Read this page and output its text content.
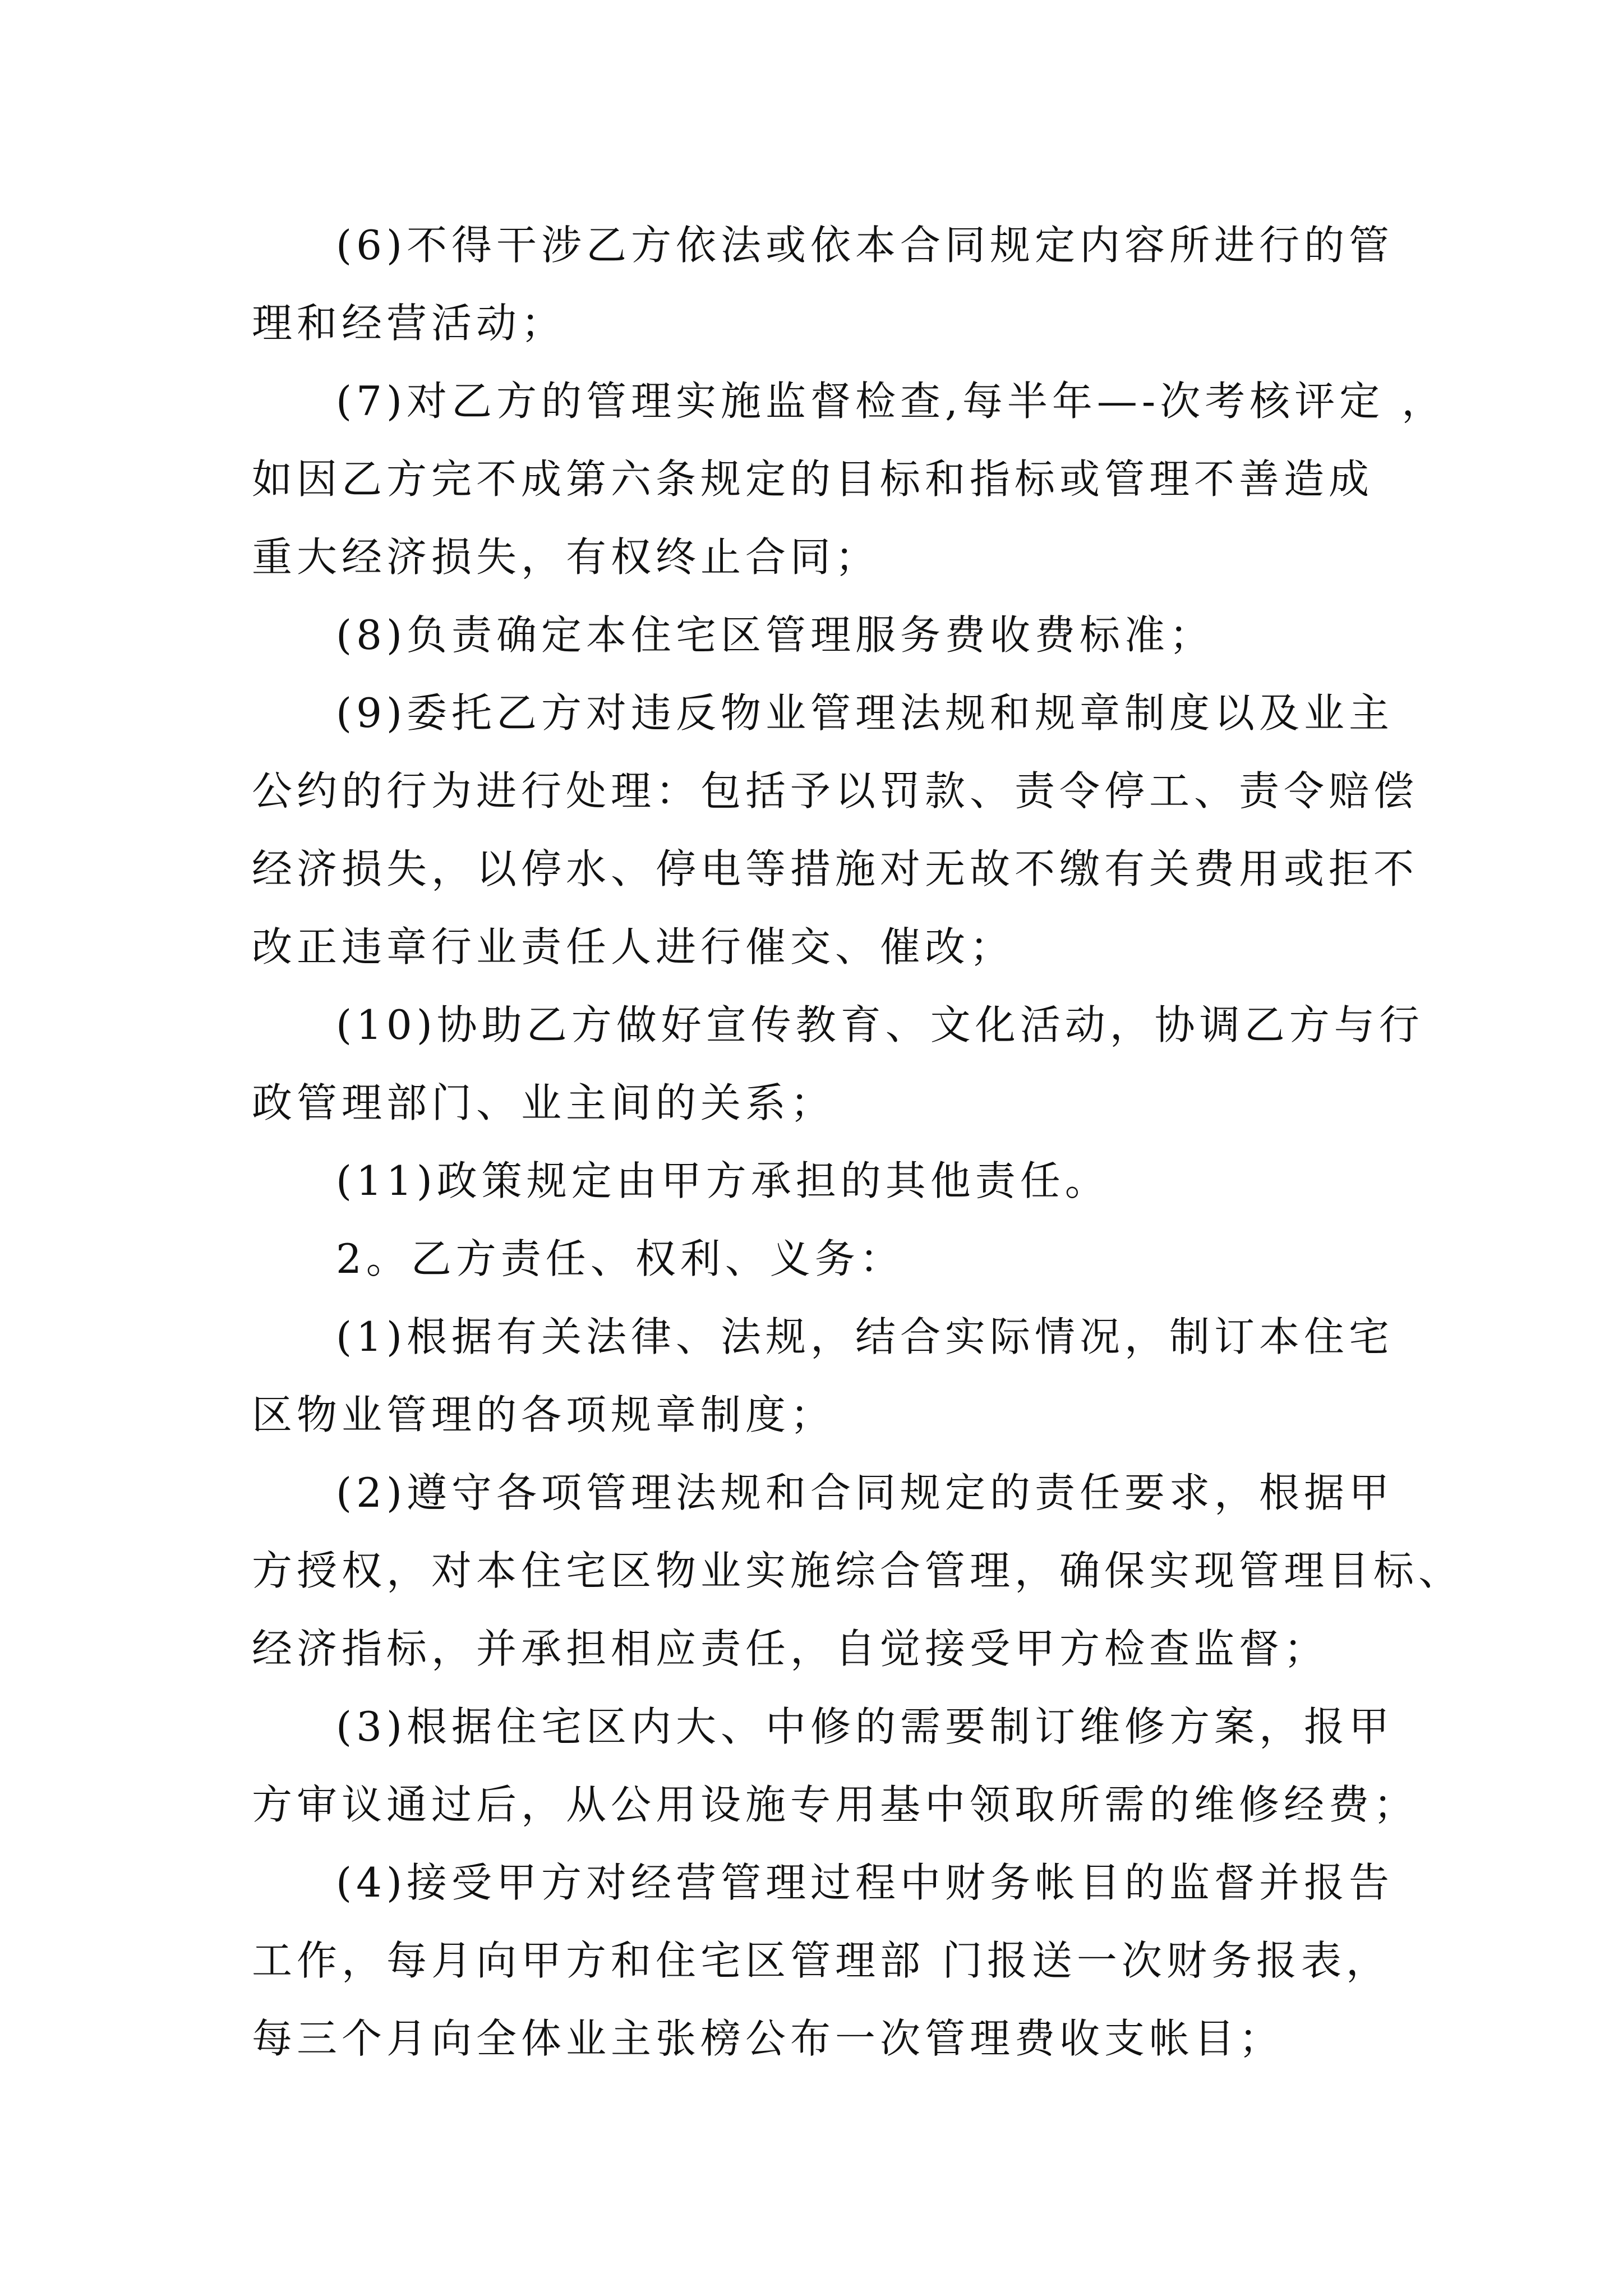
(6)不得干涉乙方依法或依本合同规定内容所进行的管
理和经营活动；
(7)对乙方的管理实施监督检查,每半年—-次考核评定 ，
如因乙方完不成第六条规定的目标和指标或管理不善造成
重大经济损失，有权终止合同；
(8)负责确定本住宅区管理服务费收费标准；
(9)委托乙方对违反物业管理法规和规章制度以及业主
公约的行为进行处理：包括予以罚款、责令停工、责令赔偿
经济损失，以停水、停电等措施对无故不缴有关费用或拒不
改正违章行业责任人进行催交、催改；
(10)协助乙方做好宣传教育、文化活动，协调乙方与行
政管理部门、业主间的关系；
(11)政策规定由甲方承担的其他责任。
2。乙方责任、权利、义务：
(1)根据有关法律、法规，结合实际情况，制订本住宅
区物业管理的各项规章制度；
(2)遵守各项管理法规和合同规定的责任要求，根据甲
方授权，对本住宅区物业实施综合管理，确保实现管理目标、
经济指标，并承担相应责任，自觉接受甲方检查监督；
(3)根据住宅区内大、中修的需要制订维修方案，报甲
方审议通过后，从公用设施专用基中领取所需的维修经费；
(4)接受甲方对经营管理过程中财务帐目的监督并报告
工作，每月向甲方和住宅区管理部 门报送一次财务报表，
每三个月向全体业主张榜公布一次管理费收支帐目；
